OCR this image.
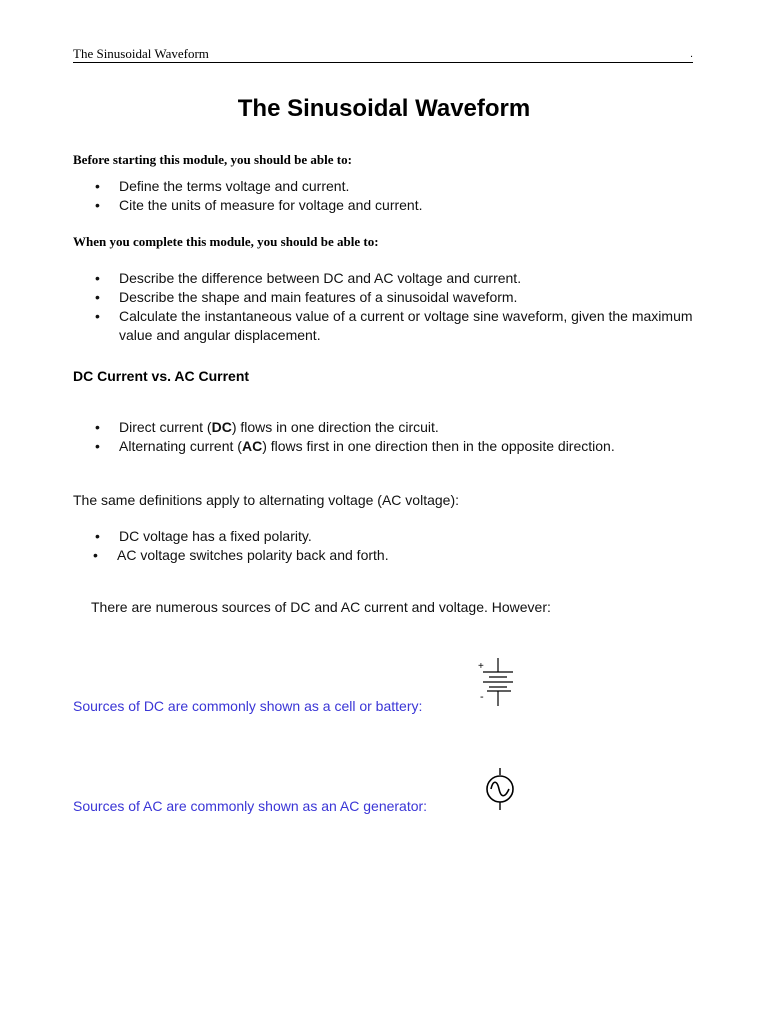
The Sinusoidal Waveform	.
The Sinusoidal Waveform
Before starting this module, you should be able to:
• Define the terms voltage and current.
• Cite the units of measure for voltage and current.
When you complete this module, you should be able to:
• Describe the difference between DC and AC voltage and current.
• Describe the shape and main features of a sinusoidal waveform.
• Calculate the instantaneous value of a current or voltage sine waveform, given the maximum value and angular displacement.
DC Current vs. AC Current
• Direct current (DC) flows in one direction the circuit.
• Alternating current (AC) flows first in one direction then in the opposite direction.
The same definitions apply to alternating voltage (AC voltage):
• DC voltage has a fixed polarity.
• AC voltage switches polarity back and forth.
There are numerous sources of DC and AC current and voltage. However:
Sources of DC are commonly shown as a cell or battery:
+
-
Sources of AC are commonly shown as an AC generator:
